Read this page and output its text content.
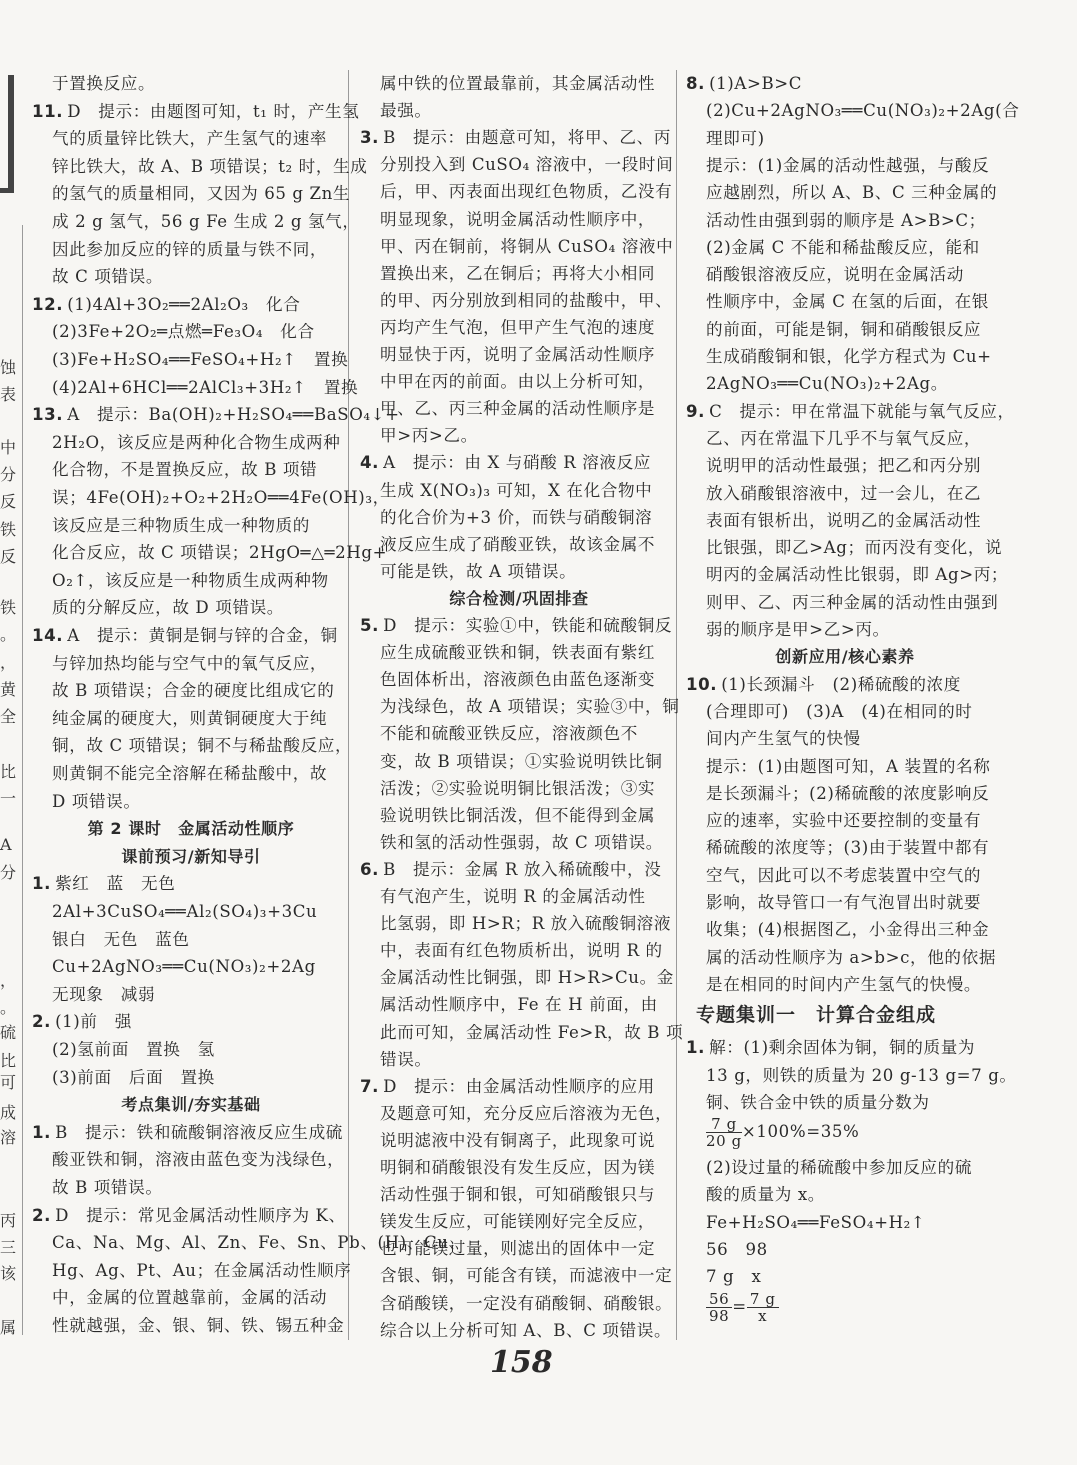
蚀
表
中
分
反
铁
反
铁
。
，
黄
全
比
一
A
分
，
。
硫
比
可
成
溶
丙
三
该
属
于置换反应。
11. D　提示：由题图可知，t₁ 时，产生氢
气的质量锌比铁大，产生氢气的速率
锌比铁大，故 A、B 项错误；t₂ 时，生成
的氢气的质量相同，又因为 65 g Zn生
成 2 g 氢气，56 g Fe 生成 2 g 氢气，
因此参加反应的锌的质量与铁不同，
故 C 项错误。
12. (1)4Al+3O₂══2Al₂O₃　化合
(2)3Fe+2O₂═点燃═Fe₃O₄　化合
(3)Fe+H₂SO₄══FeSO₄+H₂↑　置换
(4)2Al+6HCl══2AlCl₃+3H₂↑　置换
13. A　提示：Ba(OH)₂+H₂SO₄══BaSO₄↓+
2H₂O，该反应是两种化合物生成两种
化合物，不是置换反应，故 B 项错
误；4Fe(OH)₂+O₂+2H₂O══4Fe(OH)₃，
该反应是三种物质生成一种物质的
化合反应，故 C 项错误；2HgO═△═2Hg+
O₂↑，该反应是一种物质生成两种物
质的分解反应，故 D 项错误。
14. A　提示：黄铜是铜与锌的合金，铜
与锌加热均能与空气中的氧气反应，
故 B 项错误；合金的硬度比组成它的
纯金属的硬度大，则黄铜硬度大于纯
铜，故 C 项错误；铜不与稀盐酸反应，
则黄铜不能完全溶解在稀盐酸中，故
D 项错误。
第 2 课时　金属活动性顺序
课前预习/新知导引
1. 紫红　蓝　无色
2Al+3CuSO₄══Al₂(SO₄)₃+3Cu
银白　无色　蓝色
Cu+2AgNO₃══Cu(NO₃)₂+2Ag
无现象　减弱
2. (1)前　强
(2)氢前面　置换　氢
(3)前面　后面　置换
考点集训/夯实基础
1. B　提示：铁和硫酸铜溶液反应生成硫
酸亚铁和铜，溶液由蓝色变为浅绿色，
故 B 项错误。
2. D　提示：常见金属活动性顺序为 K、
Ca、Na、Mg、Al、Zn、Fe、Sn、Pb、(H)、Cu、
Hg、Ag、Pt、Au；在金属活动性顺序
中，金属的位置越靠前，金属的活动
性就越强，金、银、铜、铁、锡五种金
属中铁的位置最靠前，其金属活动性
最强。
3. B　提示：由题意可知，将甲、乙、丙
分别投入到 CuSO₄ 溶液中，一段时间
后，甲、丙表面出现红色物质，乙没有
明显现象，说明金属活动性顺序中，
甲、丙在铜前，将铜从 CuSO₄ 溶液中
置换出来，乙在铜后；再将大小相同
的甲、丙分别放到相同的盐酸中，甲、
丙均产生气泡，但甲产生气泡的速度
明显快于丙，说明了金属活动性顺序
中甲在丙的前面。由以上分析可知，
甲、乙、丙三种金属的活动性顺序是
甲>丙>乙。
4. A　提示：由 X 与硝酸 R 溶液反应
生成 X(NO₃)₃ 可知，X 在化合物中
的化合价为+3 价，而铁与硝酸铜溶
液反应生成了硝酸亚铁，故该金属不
可能是铁，故 A 项错误。
综合检测/巩固排查
5. D　提示：实验①中，铁能和硫酸铜反
应生成硫酸亚铁和铜，铁表面有紫红
色固体析出，溶液颜色由蓝色逐渐变
为浅绿色，故 A 项错误；实验③中，铜
不能和硫酸亚铁反应，溶液颜色不
变，故 B 项错误；①实验说明铁比铜
活泼；②实验说明铜比银活泼；③实
验说明铁比铜活泼，但不能得到金属
铁和氢的活动性强弱，故 C 项错误。
6. B　提示：金属 R 放入稀硫酸中，没
有气泡产生，说明 R 的金属活动性
比氢弱，即 H>R；R 放入硫酸铜溶液
中，表面有红色物质析出，说明 R 的
金属活动性比铜强，即 H>R>Cu。金
属活动性顺序中，Fe 在 H 前面，由
此而可知，金属活动性 Fe>R，故 B 项
错误。
7. D　提示：由金属活动性顺序的应用
及题意可知，充分反应后溶液为无色，
说明滤液中没有铜离子，此现象可说
明铜和硝酸银没有发生反应，因为镁
活动性强于铜和银，可知硝酸银只与
镁发生反应，可能镁刚好完全反应，
也可能镁过量，则滤出的固体中一定
含银、铜，可能含有镁，而滤液中一定
含硝酸镁，一定没有硝酸铜、硝酸银。
综合以上分析可知 A、B、C 项错误。
8. (1)A>B>C
(2)Cu+2AgNO₃══Cu(NO₃)₂+2Ag(合
理即可)
提示：(1)金属的活动性越强，与酸反
应越剧烈，所以 A、B、C 三种金属的
活动性由强到弱的顺序是 A>B>C；
(2)金属 C 不能和稀盐酸反应，能和
硝酸银溶液反应，说明在金属活动
性顺序中，金属 C 在氢的后面，在银
的前面，可能是铜，铜和硝酸银反应
生成硝酸铜和银，化学方程式为 Cu+
2AgNO₃══Cu(NO₃)₂+2Ag。
9. C　提示：甲在常温下就能与氧气反应，
乙、丙在常温下几乎不与氧气反应，
说明甲的活动性最强；把乙和丙分别
放入硝酸银溶液中，过一会儿，在乙
表面有银析出，说明乙的金属活动性
比银强，即乙>Ag；而丙没有变化，说
明丙的金属活动性比银弱，即 Ag>丙；
则甲、乙、丙三种金属的活动性由强到
弱的顺序是甲>乙>丙。
创新应用/核心素养
10. (1)长颈漏斗　(2)稀硫酸的浓度
(合理即可)　(3)A　(4)在相同的时
间内产生氢气的快慢
提示：(1)由题图可知，A 装置的名称
是长颈漏斗；(2)稀硫酸的浓度影响反
应的速率，实验中还要控制的变量有
稀硫酸的浓度等；(3)由于装置中都有
空气，因此可以不考虑装置中空气的
影响，故导管口一有气泡冒出时就要
收集；(4)根据图乙，小金得出三种金
属的活动性顺序为 a>b>c，他的依据
是在相同的时间内产生氢气的快慢。
专题集训一　计算合金组成
1. 解：(1)剩余固体为铜，铜的质量为
13 g，则铁的质量为 20 g-13 g=7 g。
铜、铁合金中铁的质量分数为
$\frac{7 g}{20 g} \times 100\%=35\%$
(2)设过量的稀硫酸中参加反应的硫
酸的质量为 x。
Fe+H₂SO₄══FeSO₄+H₂↑
56　98
7 g　x
$\frac{56}{98} = \frac{7 g}{x}$
158
